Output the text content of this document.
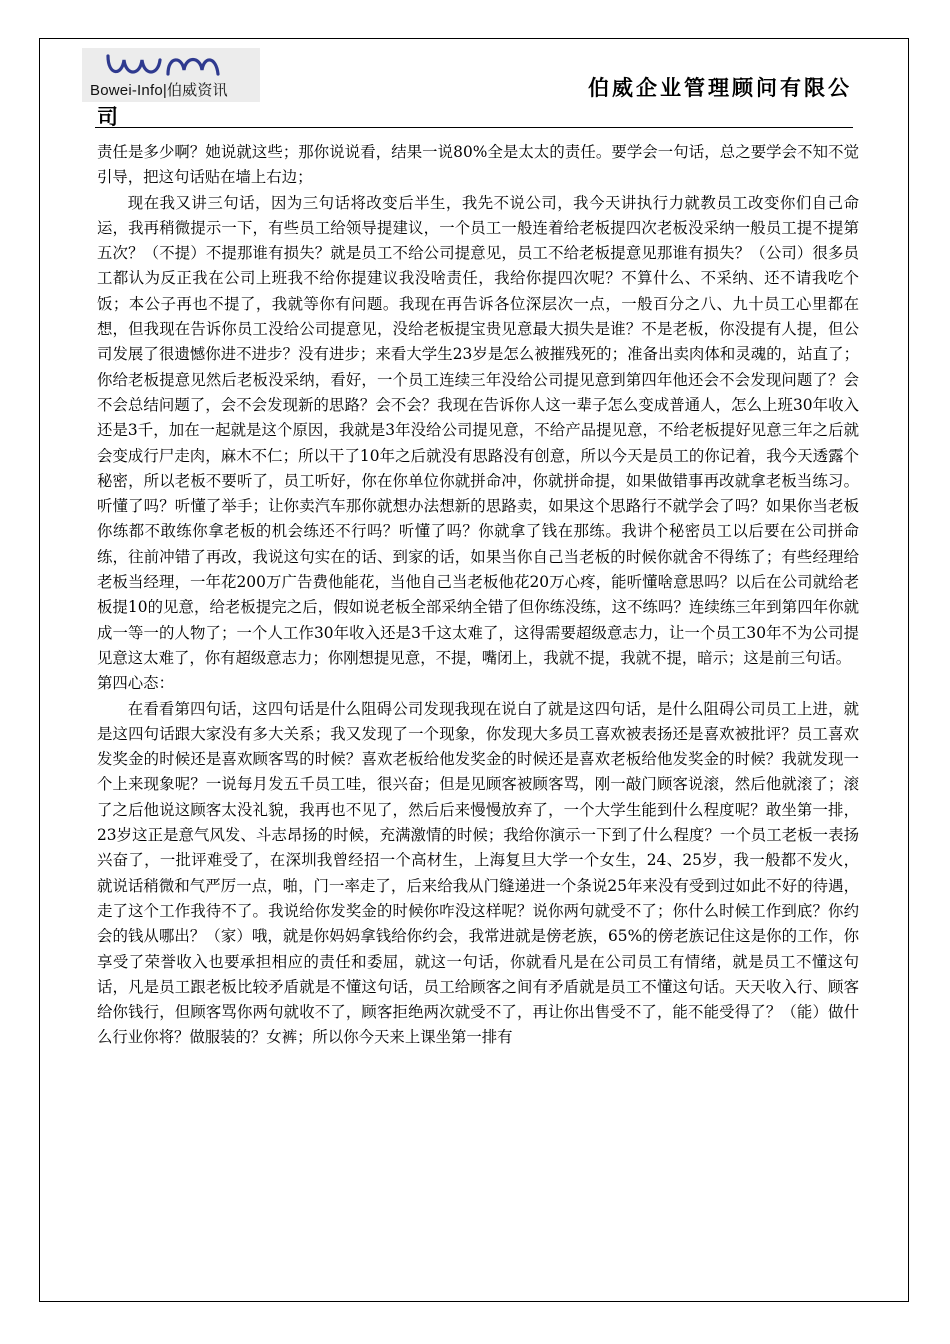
Bowei-Info|伯威资讯	伯威企业管理顾问有限公
司

责任是多少啊？她说就这些；那你说说看，结果一说80%全是太太的责任。要学会一句话，总之要学会不知不觉引导，把这句话贴在墙上右边；

现在我又讲三句话，因为三句话将改变后半生，我先不说公司，我今天讲执行力就教员工改变你们自己命运，我再稍微提示一下，有些员工给领导提建议，一个员工一般连着给老板提四次老板没采纳一般员工提不提第五次？（不提）不提那谁有损失？就是员工不给公司提意见，员工不给老板提意见那谁有损失？（公司）很多员工都认为反正我在公司上班我不给你提建议我没啥责任，我给你提四次呢？不算什么、不采纳、还不请我吃个饭；本公子再也不提了，我就等你有问题。我现在再告诉各位深层次一点，一般百分之八、九十员工心里都在想，但我现在告诉你员工没给公司提意见，没给老板提宝贵见意最大损失是谁？不是老板，你没提有人提，但公司发展了很遗憾你进不进步？没有进步；来看大学生23岁是怎么被摧残死的；准备出卖肉体和灵魂的，站直了；你给老板提意见然后老板没采纳，看好，一个员工连续三年没给公司提见意到第四年他还会不会发现问题了？会不会总结问题了，会不会发现新的思路？会不会？我现在告诉你人这一辈子怎么变成普通人，怎么上班30年收入还是3千，加在一起就是这个原因，我就是3年没给公司提见意，不给产品提见意，不给老板提好见意三年之后就会变成行尸走肉，麻木不仁；所以干了10年之后就没有思路没有创意，所以今天是员工的你记着，我今天透露个秘密，所以老板不要听了，员工听好，你在你单位你就拼命冲，你就拼命提，如果做错事再改就拿老板当练习。听懂了吗？听懂了举手；让你卖汽车那你就想办法想新的思路卖，如果这个思路行不就学会了吗？如果你当老板你练都不敢练你拿老板的机会练还不行吗？听懂了吗？你就拿了钱在那练。我讲个秘密员工以后要在公司拼命练，往前冲错了再改，我说这句实在的话、到家的话，如果当你自己当老板的时候你就舍不得练了；有些经理给老板当经理，一年花200万广告费他能花，当他自己当老板他花20万心疼，能听懂啥意思吗？以后在公司就给老板提10的见意，给老板提完之后，假如说老板全部采纳全错了但你练没练，这不练吗？连续练三年到第四年你就成一等一的人物了；一个人工作30年收入还是3千这太难了，这得需要超级意志力，让一个员工30年不为公司提见意这太难了，你有超级意志力；你刚想提见意，不提，嘴闭上，我就不提，我就不提，暗示；这是前三句话。

第四心态：

在看看第四句话，这四句话是什么阻碍公司发现我现在说白了就是这四句话，是什么阻碍公司员工上进，就是这四句话跟大家没有多大关系；我又发现了一个现象，你发现大多员工喜欢被表扬还是喜欢被批评？员工喜欢发奖金的时候还是喜欢顾客骂的时候？喜欢老板给他发奖金的时候还是喜欢老板给他发奖金的时候？我就发现一个上来现象呢？一说每月发五千员工哇，很兴奋；但是见顾客被顾客骂，刚一敲门顾客说滚，然后他就滚了；滚了之后他说这顾客太没礼貌，我再也不见了，然后后来慢慢放弃了，一个大学生能到什么程度呢？敢坐第一排，23岁这正是意气风发、斗志昂扬的时候，充满激情的时候；我给你演示一下到了什么程度？一个员工老板一表扬兴奋了，一批评难受了，在深圳我曾经招一个高材生，上海复旦大学一个女生，24、25岁，我一般都不发火，就说话稍微和气严厉一点，啪，门一率走了，后来给我从门缝递进一个条说25年来没有受到过如此不好的待遇，走了这个工作我待不了。我说给你发奖金的时候你咋没这样呢？说你两句就受不了；你什么时候工作到底？你约会的钱从哪出？（家）哦，就是你妈妈拿钱给你约会，我常进就是傍老族，65%的傍老族记住这是你的工作，你享受了荣誉收入也要承担相应的责任和委屈，就这一句话，你就看凡是在公司员工有情绪，就是员工不懂这句话，凡是员工跟老板比较矛盾就是不懂这句话，员工给顾客之间有矛盾就是员工不懂这句话。天天收入行、顾客给你钱行，但顾客骂你两句就收不了，顾客拒绝两次就受不了，再让你出售受不了，能不能受得了？（能）做什么行业你将？做服装的？女裤；所以你今天来上课坐第一排有
